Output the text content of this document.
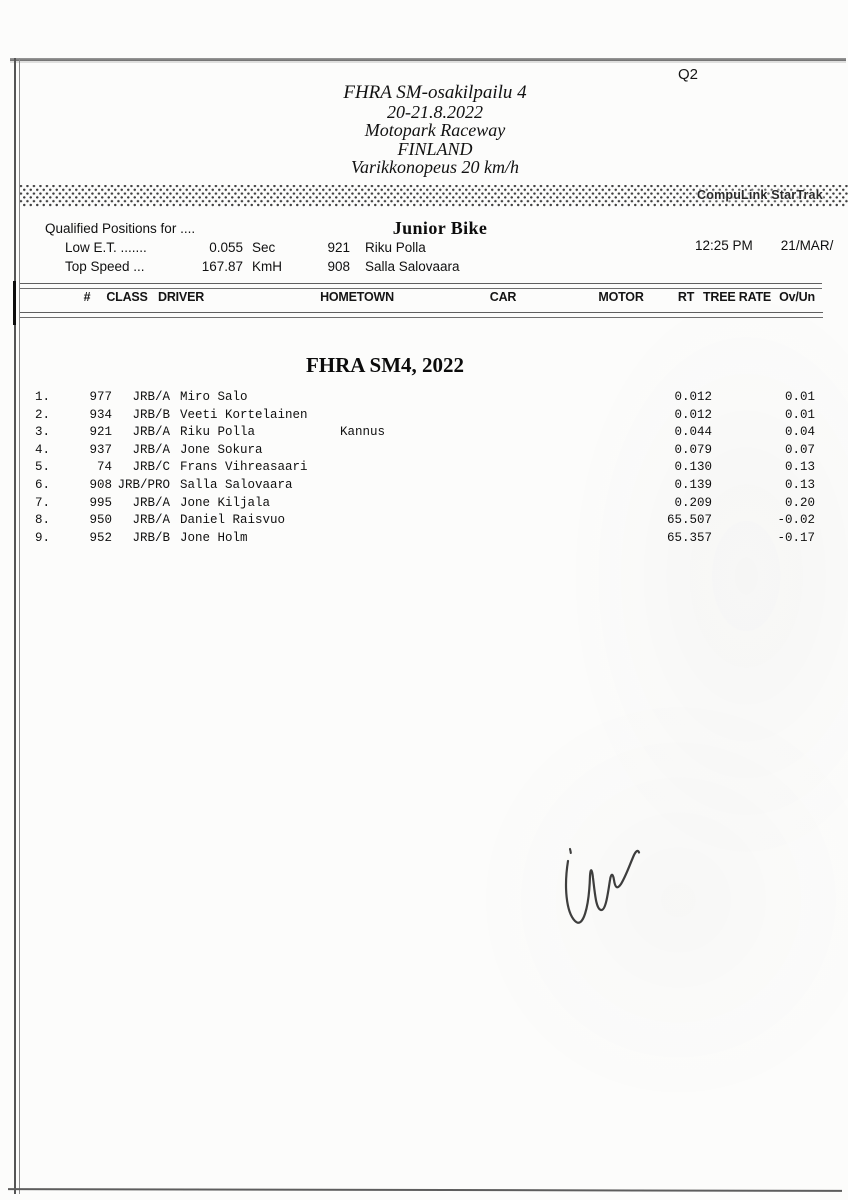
Q2
FHRA SM-osakilpailu 4
20-21.8.2022
Motopark Raceway
FINLAND
Varikkonopeus 20 km/h
CompuLink StarTrak
Qualified Positions for ....	Junior Bike
12:25 PM 21/MAR/
Low E.T. .......	0.055 Sec	921	Riku Polla
Top Speed ...	167.87 KmH	908	Salla Salovaara
# CLASS DRIVER	HOMETOWN	CAR	MOTOR	RT TREE RATE Ov/Un
FHRA SM4, 2022
1.	977	JRB/A Miro Salo	0.012	0.01
2.	934	JRB/B Veeti Kortelainen	0.012	0.01
3.	921	JRB/A Riku Polla	Kannus	0.044	0.04
4.	937	JRB/A Jone Sokura	0.079	0.07
5.	74	JRB/C Frans Vihreasaari	0.130	0.13
6.	908 JRB/PRO Salla Salovaara	0.139	0.13
7.	995	JRB/A Jone Kiljala	0.209	0.20
8.	950	JRB/A Daniel Raisvuo	65.507	-0.02
9.	952	JRB/B Jone Holm	65.357	-0.17
